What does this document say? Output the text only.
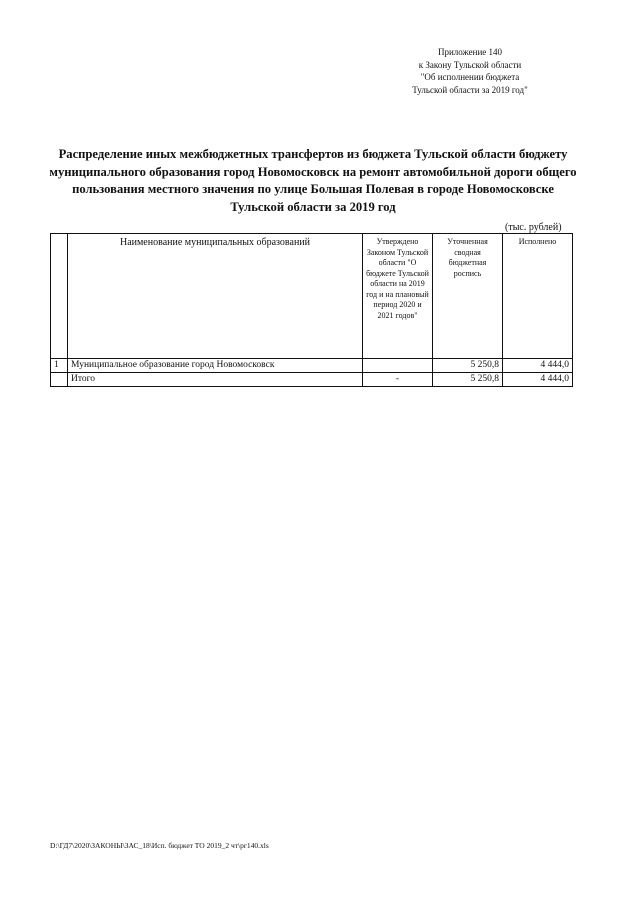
Приложение 140
к Закону Тульской области
"Об исполнении бюджета
Тульской области за 2019 год"
Распределение иных межбюджетных трансфертов из бюджета Тульской области бюджету муниципального образования город Новомосковск на ремонт автомобильной дороги общего пользования местного значения по улице Большая Полевая в городе Новомосковске Тульской области за 2019 год
(тыс. рублей)
	Наименование муниципальных образований	Утверждено Законом Тульской области "О бюджете Тульской области на 2019 год и на плановый период 2020 и 2021 годов"	Уточненная сводная бюджетная роспись	Исполнено
1	Муниципальное образование город Новомосковск		5 250,8	4 444,0
	Итого	-	5 250,8	4 444,0
D:\ГД7\2020\ЗАКОНЫ\ЗАС_18\Исп. бюджет ТО 2019_2 чт\рг140.xls
